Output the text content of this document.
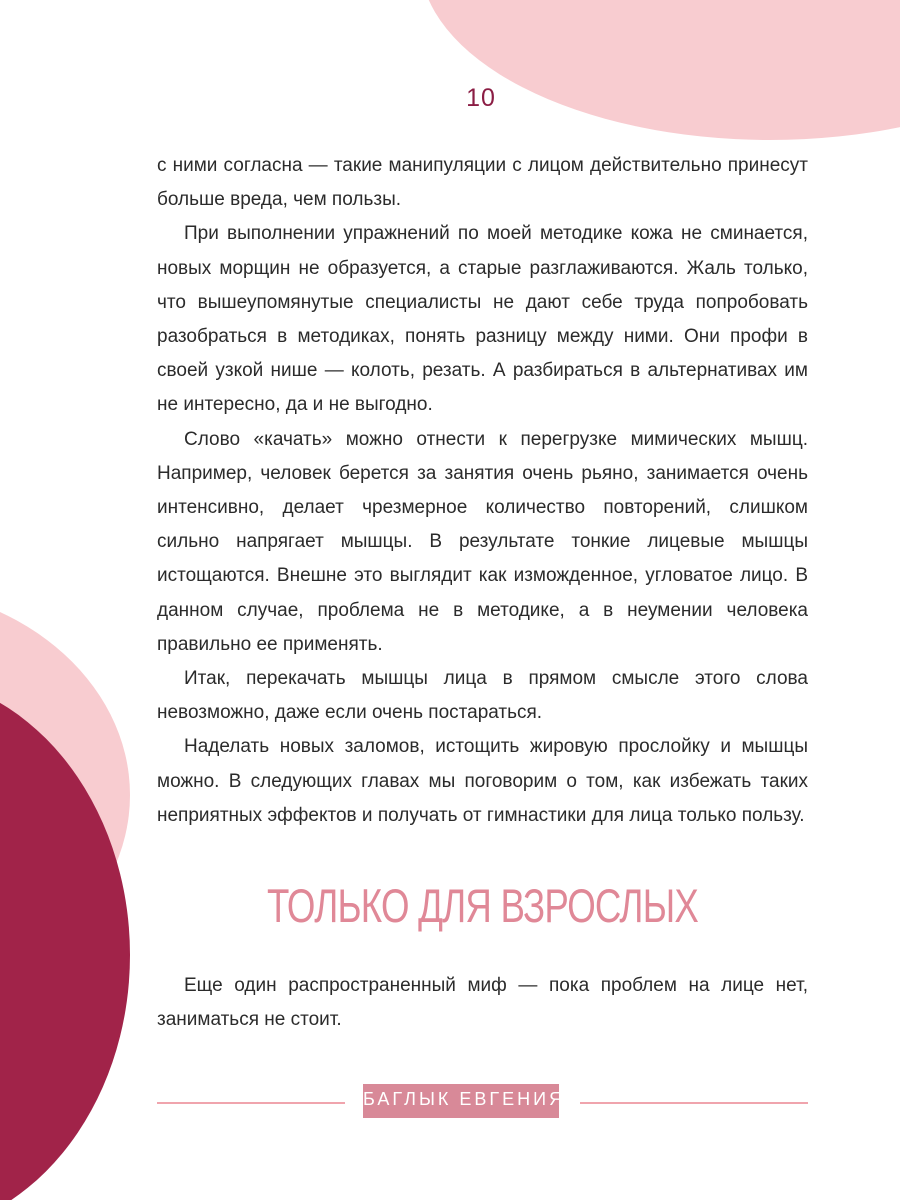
10

с ними согласна — такие манипуляции с лицом действительно принесут больше вреда, чем пользы.

При выполнении упражнений по моей методике кожа не сминается, новых морщин не образуется, а старые разглаживаются. Жаль только, что вышеупомянутые специалисты не дают себе труда попробовать разобраться в методиках, понять разницу между ними. Они профи в своей узкой нише — колоть, резать. А разбираться в альтернативах им не интересно, да и не выгодно.

Слово «качать» можно отнести к перегрузке мимических мышц. Например, человек берется за занятия очень рьяно, занимается очень интенсивно, делает чрезмерное количество повторений, слишком сильно напрягает мышцы. В результате тонкие лицевые мышцы истощаются. Внешне это выглядит как изможденное, угловатое лицо. В данном случае, проблема не в методике, а в неумении человека правильно ее применять.

Итак, перекачать мышцы лица в прямом смысле этого слова невозможно, даже если очень постараться.

Наделать новых заломов, истощить жировую прослойку и мышцы можно. В следующих главах мы поговорим о том, как избежать таких неприятных эффектов и получать от гимнастики для лица только пользу.

ТОЛЬКО ДЛЯ ВЗРОСЛЫХ

Еще один распространенный миф — пока проблем на лице нет, заниматься не стоит.

БАГЛЫК ЕВГЕНИЯ
